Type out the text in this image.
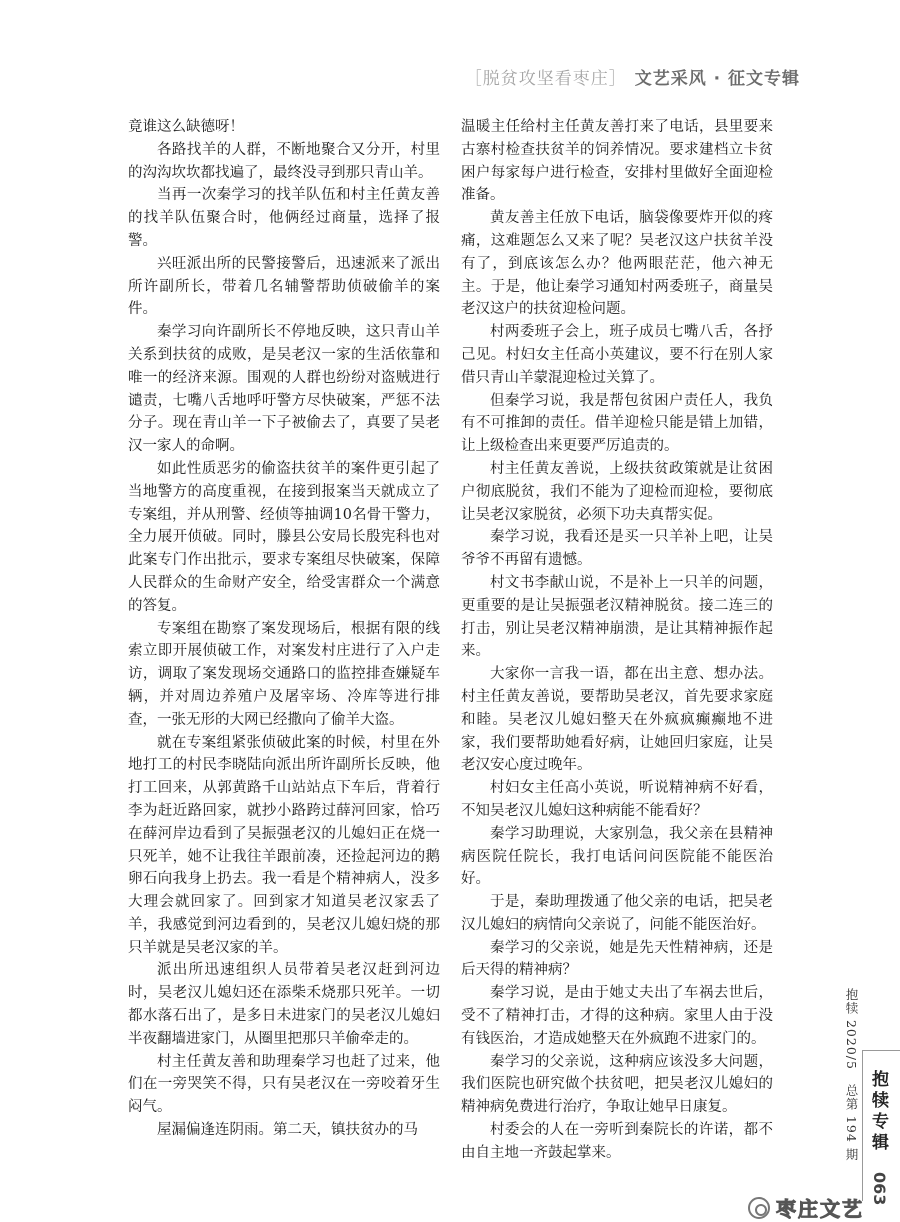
［脱贫攻坚看枣庄］ 文艺采风 · 征文专辑

竟谁这么缺德呀！

各路找羊的人群，不断地聚合又分开，村里的沟沟坎坎都找遍了，最终没寻到那只青山羊。

当再一次秦学习的找羊队伍和村主任黄友善的找羊队伍聚合时，他俩经过商量，选择了报警。

兴旺派出所的民警接警后，迅速派来了派出所许副所长，带着几名辅警帮助侦破偷羊的案件。

秦学习向许副所长不停地反映，这只青山羊关系到扶贫的成败，是吴老汉一家的生活依靠和唯一的经济来源。围观的人群也纷纷对盗贼进行谴责，七嘴八舌地呼吁警方尽快破案，严惩不法分子。现在青山羊一下子被偷去了，真要了吴老汉一家人的命啊。

如此性质恶劣的偷盗扶贫羊的案件更引起了当地警方的高度重视，在接到报案当天就成立了专案组，并从刑警、经侦等抽调10名骨干警力，全力展开侦破。同时，滕县公安局长殷宪科也对此案专门作出批示，要求专案组尽快破案，保障人民群众的生命财产安全，给受害群众一个满意的答复。

专案组在勘察了案发现场后，根据有限的线索立即开展侦破工作，对案发村庄进行了入户走访，调取了案发现场交通路口的监控排查嫌疑车辆，并对周边养殖户及屠宰场、冷库等进行排查，一张无形的大网已经撒向了偷羊大盗。

就在专案组紧张侦破此案的时候，村里在外地打工的村民李晓陆向派出所许副所长反映，他打工回来，从郭黄路千山站站点下车后，背着行李为赶近路回家，就抄小路跨过薛河回家，恰巧在薛河岸边看到了吴振强老汉的儿媳妇正在烧一只死羊，她不让我往羊跟前凑，还捡起河边的鹅卵石向我身上扔去。我一看是个精神病人，没多大理会就回家了。回到家才知道吴老汉家丢了羊，我感觉到河边看到的，吴老汉儿媳妇烧的那只羊就是吴老汉家的羊。

派出所迅速组织人员带着吴老汉赶到河边时，吴老汉儿媳妇还在添柴禾烧那只死羊。一切都水落石出了，是多日未进家门的吴老汉儿媳妇半夜翻墙进家门，从圈里把那只羊偷牵走的。

村主任黄友善和助理秦学习也赶了过来，他们在一旁哭笑不得，只有吴老汉在一旁咬着牙生闷气。

屋漏偏逢连阴雨。第二天，镇扶贫办的马

温暖主任给村主任黄友善打来了电话，县里要来古寨村检查扶贫羊的饲养情况。要求建档立卡贫困户每家每户进行检查，安排村里做好全面迎检准备。

黄友善主任放下电话，脑袋像要炸开似的疼痛，这难题怎么又来了呢？吴老汉这户扶贫羊没有了，到底该怎么办？他两眼茫茫，他六神无主。于是，他让秦学习通知村两委班子，商量吴老汉这户的扶贫迎检问题。

村两委班子会上，班子成员七嘴八舌，各抒己见。村妇女主任高小英建议，要不行在别人家借只青山羊蒙混迎检过关算了。

但秦学习说，我是帮包贫困户责任人，我负有不可推卸的责任。借羊迎检只能是错上加错，让上级检查出来更要严厉追责的。

村主任黄友善说，上级扶贫政策就是让贫困户彻底脱贫，我们不能为了迎检而迎检，要彻底让吴老汉家脱贫，必须下功夫真帮实促。

秦学习说，我看还是买一只羊补上吧，让吴爷爷不再留有遗憾。

村文书李献山说，不是补上一只羊的问题，更重要的是让吴振强老汉精神脱贫。接二连三的打击，别让吴老汉精神崩溃，是让其精神振作起来。

大家你一言我一语，都在出主意、想办法。村主任黄友善说，要帮助吴老汉，首先要求家庭和睦。吴老汉儿媳妇整天在外疯疯癫癫地不进家，我们要帮助她看好病，让她回归家庭，让吴老汉安心度过晚年。

村妇女主任高小英说，听说精神病不好看，不知吴老汉儿媳妇这种病能不能看好？

秦学习助理说，大家别急，我父亲在县精神病医院任院长，我打电话问问医院能不能医治好。

于是，秦助理拨通了他父亲的电话，把吴老汉儿媳妇的病情向父亲说了，问能不能医治好。

秦学习的父亲说，她是先天性精神病，还是后天得的精神病？

秦学习说，是由于她丈夫出了车祸去世后，受不了精神打击，才得的这种病。家里人由于没有钱医治，才造成她整天在外疯跑不进家门的。

秦学习的父亲说，这种病应该没多大问题，我们医院也研究做个扶贫吧，把吴老汉儿媳妇的精神病免费进行治疗，争取让她早日康复。

村委会的人在一旁听到秦院长的许诺，都不由自主地一齐鼓起掌来。

抱犊 2020/5总第 194 期 抱犊专辑
063
枣庄文艺
